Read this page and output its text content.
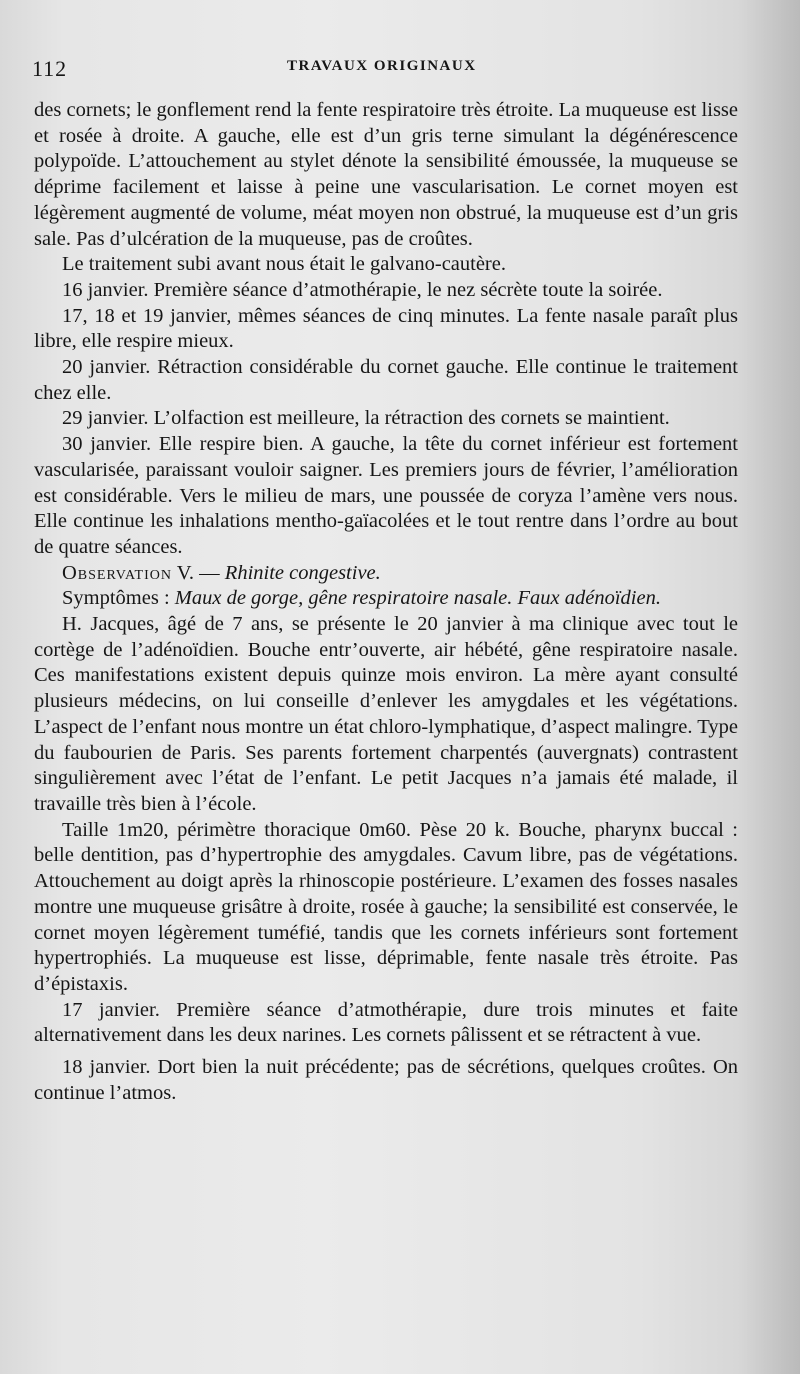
112	TRAVAUX ORIGINAUX

des cornets; le gonflement rend la fente respiratoire très étroite. La muqueuse est lisse et rosée à droite. A gauche, elle est d’un gris terne simulant la dégénérescence polypoïde. L’attouchement au stylet dénote la sensibilité émoussée, la muqueuse se déprime facilement et laisse à peine une vascularisation. Le cornet moyen est légèrement augmenté de volume, méat moyen non obstrué, la muqueuse est d’un gris sale. Pas d’ulcération de la muqueuse, pas de croûtes.

Le traitement subi avant nous était le galvano-cautère.

16 janvier. Première séance d’atmothérapie, le nez sécrète toute la soirée.

17, 18 et 19 janvier, mêmes séances de cinq minutes. La fente nasale paraît plus libre, elle respire mieux.

20 janvier. Rétraction considérable du cornet gauche. Elle continue le traitement chez elle.

29 janvier. L’olfaction est meilleure, la rétraction des cornets se maintient.

30 janvier. Elle respire bien. A gauche, la tête du cornet inférieur est fortement vascularisée, paraissant vouloir saigner. Les premiers jours de février, l’amélioration est considérable. Vers le milieu de mars, une poussée de coryza l’amène vers nous. Elle continue les inhalations mentho-gaïacolées et le tout rentre dans l’ordre au bout de quatre séances.

Observation V. — Rhinite congestive.

Symptômes : Maux de gorge, gêne respiratoire nasale. Faux adénoïdien.

H. Jacques, âgé de 7 ans, se présente le 20 janvier à ma clinique avec tout le cortège de l’adénoïdien. Bouche entr’ouverte, air hébété, gêne respiratoire nasale. Ces manifestations existent depuis quinze mois environ. La mère ayant consulté plusieurs médecins, on lui conseille d’enlever les amygdales et les végétations. L’aspect de l’enfant nous montre un état chloro-lymphatique, d’aspect malingre. Type du faubourien de Paris. Ses parents fortement charpentés (auvergnats) contrastent singulièrement avec l’état de l’enfant. Le petit Jacques n’a jamais été malade, il travaille très bien à l’école.

Taille 1m20, périmètre thoracique 0m60. Pèse 20 k. Bouche, pharynx buccal : belle dentition, pas d’hypertrophie des amygdales. Cavum libre, pas de végétations. Attouchement au doigt après la rhinoscopie postérieure. L’examen des fosses nasales montre une muqueuse grisâtre à droite, rosée à gauche; la sensibilité est conservée, le cornet moyen légèrement tuméfié, tandis que les cornets inférieurs sont fortement hypertrophiés. La muqueuse est lisse, déprimable, fente nasale très étroite. Pas d’épistaxis.

17 janvier. Première séance d’atmothérapie, dure trois minutes et faite alternativement dans les deux narines. Les cornets pâlissent et se rétractent à vue.

18 janvier. Dort bien la nuit précédente; pas de sécrétions, quelques croûtes. On continue l’atmos.
